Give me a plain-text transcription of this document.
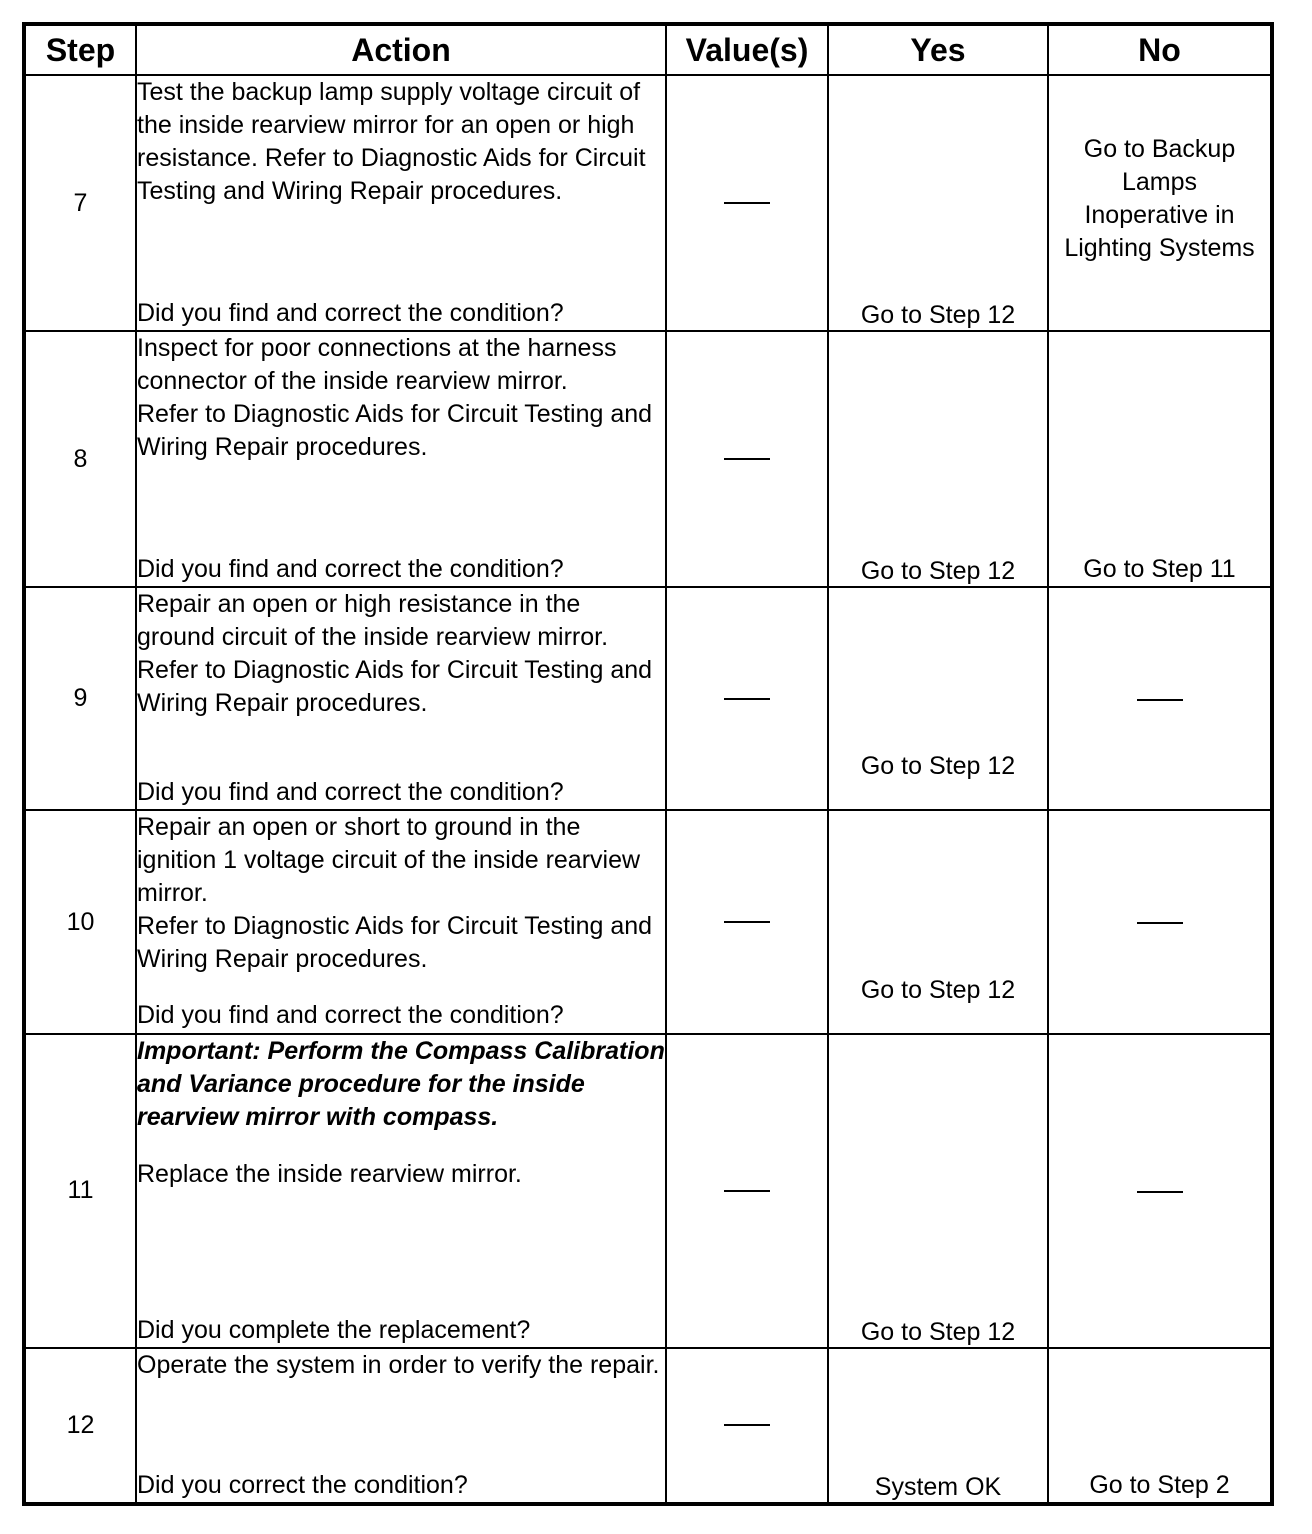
Step	Action	Value(s)	Yes	No
7	Test the backup lamp supply voltage circuit of the inside rearview mirror for an open or high resistance. Refer to Diagnostic Aids for Circuit Testing and Wiring Repair procedures.
Did you find and correct the condition?		Go to Step 12	Go to Backup Lamps Inoperative in Lighting Systems
8	Inspect for poor connections at the harness connector of the inside rearview mirror.
Refer to Diagnostic Aids for Circuit Testing and Wiring Repair procedures.
Did you find and correct the condition?		Go to Step 12	Go to Step 11
9	Repair an open or high resistance in the ground circuit of the inside rearview mirror.
Refer to Diagnostic Aids for Circuit Testing and Wiring Repair procedures.
Did you find and correct the condition?		Go to Step 12	
10	Repair an open or short to ground in the ignition 1 voltage circuit of the inside rearview mirror.
Refer to Diagnostic Aids for Circuit Testing and Wiring Repair procedures.
Did you find and correct the condition?		Go to Step 12	
11	Important: Perform the Compass Calibration and Variance procedure for the inside rearview mirror with compass.
Replace the inside rearview mirror.
Did you complete the replacement?		Go to Step 12	
12	Operate the system in order to verify the repair.
Did you correct the condition?		System OK	Go to Step 2
